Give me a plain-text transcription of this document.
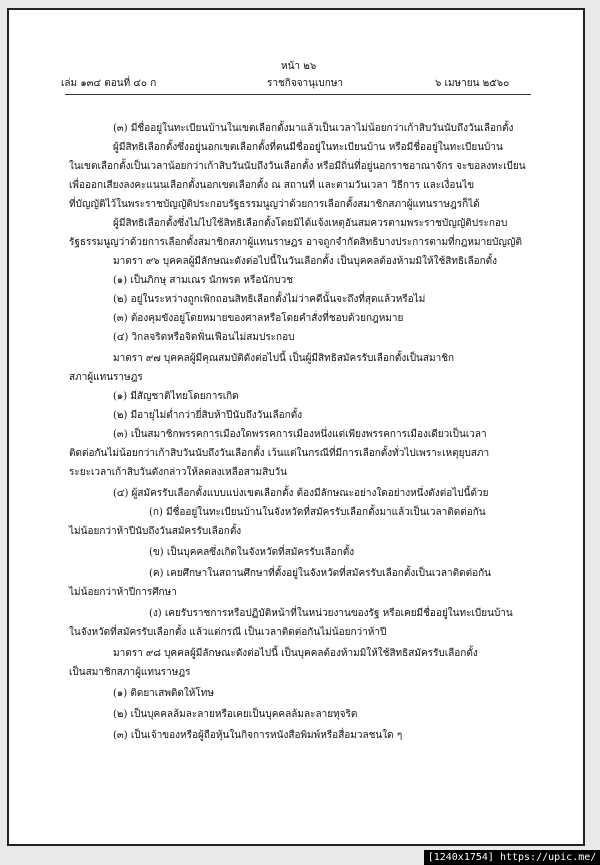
หน้า ๒๖
เล่ม ๑๓๔ ตอนที่ ๔๐ ก	ราชกิจจานุเบกษา	๖ เมษายน ๒๕๖๐
(๓) มีชื่ออยู่ในทะเบียนบ้านในเขตเลือกตั้งมาแล้วเป็นเวลาไม่น้อยกว่าเก้าสิบวันนับถึงวันเลือกตั้ง
ผู้มีสิทธิเลือกตั้งซึ่งอยู่นอกเขตเลือกตั้งที่ตนมีชื่ออยู่ในทะเบียนบ้าน หรือมีชื่ออยู่ในทะเบียนบ้าน
ในเขตเลือกตั้งเป็นเวลาน้อยกว่าเก้าสิบวันนับถึงวันเลือกตั้ง หรือมีถิ่นที่อยู่นอกราชอาณาจักร จะขอลงทะเบียน
เพื่อออกเสียงลงคะแนนเลือกตั้งนอกเขตเลือกตั้ง ณ สถานที่ และตามวันเวลา วิธีการ และเงื่อนไข
ที่บัญญัติไว้ในพระราชบัญญัติประกอบรัฐธรรมนูญว่าด้วยการเลือกตั้งสมาชิกสภาผู้แทนราษฎรก็ได้
ผู้มีสิทธิเลือกตั้งซึ่งไม่ไปใช้สิทธิเลือกตั้งโดยมิได้แจ้งเหตุอันสมควรตามพระราชบัญญัติประกอบ
รัฐธรรมนูญว่าด้วยการเลือกตั้งสมาชิกสภาผู้แทนราษฎร อาจถูกจำกัดสิทธิบางประการตามที่กฎหมายบัญญัติ
มาตรา ๙๖ บุคคลผู้มีลักษณะดังต่อไปนี้ในวันเลือกตั้ง เป็นบุคคลต้องห้ามมิให้ใช้สิทธิเลือกตั้ง
(๑) เป็นภิกษุ สามเณร นักพรต หรือนักบวช
(๒) อยู่ในระหว่างถูกเพิกถอนสิทธิเลือกตั้งไม่ว่าคดีนั้นจะถึงที่สุดแล้วหรือไม่
(๓) ต้องคุมขังอยู่โดยหมายของศาลหรือโดยคำสั่งที่ชอบด้วยกฎหมาย
(๔) วิกลจริตหรือจิตฟั่นเฟือนไม่สมประกอบ
มาตรา ๙๗ บุคคลผู้มีคุณสมบัติดังต่อไปนี้ เป็นผู้มีสิทธิสมัครรับเลือกตั้งเป็นสมาชิก
สภาผู้แทนราษฎร
(๑) มีสัญชาติไทยโดยการเกิด
(๒) มีอายุไม่ต่ำกว่ายี่สิบห้าปีนับถึงวันเลือกตั้ง
(๓) เป็นสมาชิกพรรคการเมืองใดพรรคการเมืองหนึ่งแต่เพียงพรรคการเมืองเดียวเป็นเวลา
ติดต่อกันไม่น้อยกว่าเก้าสิบวันนับถึงวันเลือกตั้ง เว้นแต่ในกรณีที่มีการเลือกตั้งทั่วไปเพราะเหตุยุบสภา
ระยะเวลาเก้าสิบวันดังกล่าวให้ลดลงเหลือสามสิบวัน
(๔) ผู้สมัครรับเลือกตั้งแบบแบ่งเขตเลือกตั้ง ต้องมีลักษณะอย่างใดอย่างหนึ่งดังต่อไปนี้ด้วย
(ก) มีชื่ออยู่ในทะเบียนบ้านในจังหวัดที่สมัครรับเลือกตั้งมาแล้วเป็นเวลาติดต่อกัน
ไม่น้อยกว่าห้าปีนับถึงวันสมัครรับเลือกตั้ง
(ข) เป็นบุคคลซึ่งเกิดในจังหวัดที่สมัครรับเลือกตั้ง
(ค) เคยศึกษาในสถานศึกษาที่ตั้งอยู่ในจังหวัดที่สมัครรับเลือกตั้งเป็นเวลาติดต่อกัน
ไม่น้อยกว่าห้าปีการศึกษา
(ง) เคยรับราชการหรือปฏิบัติหน้าที่ในหน่วยงานของรัฐ หรือเคยมีชื่ออยู่ในทะเบียนบ้าน
ในจังหวัดที่สมัครรับเลือกตั้ง แล้วแต่กรณี เป็นเวลาติดต่อกันไม่น้อยกว่าห้าปี
มาตรา ๙๘ บุคคลผู้มีลักษณะดังต่อไปนี้ เป็นบุคคลต้องห้ามมิให้ใช้สิทธิสมัครรับเลือกตั้ง
เป็นสมาชิกสภาผู้แทนราษฎร
(๑) ติดยาเสพติดให้โทษ
(๒) เป็นบุคคลล้มละลายหรือเคยเป็นบุคคลล้มละลายทุจริต
(๓) เป็นเจ้าของหรือผู้ถือหุ้นในกิจการหนังสือพิมพ์หรือสื่อมวลชนใด ๆ
[1240x1754] https://upic.me/
